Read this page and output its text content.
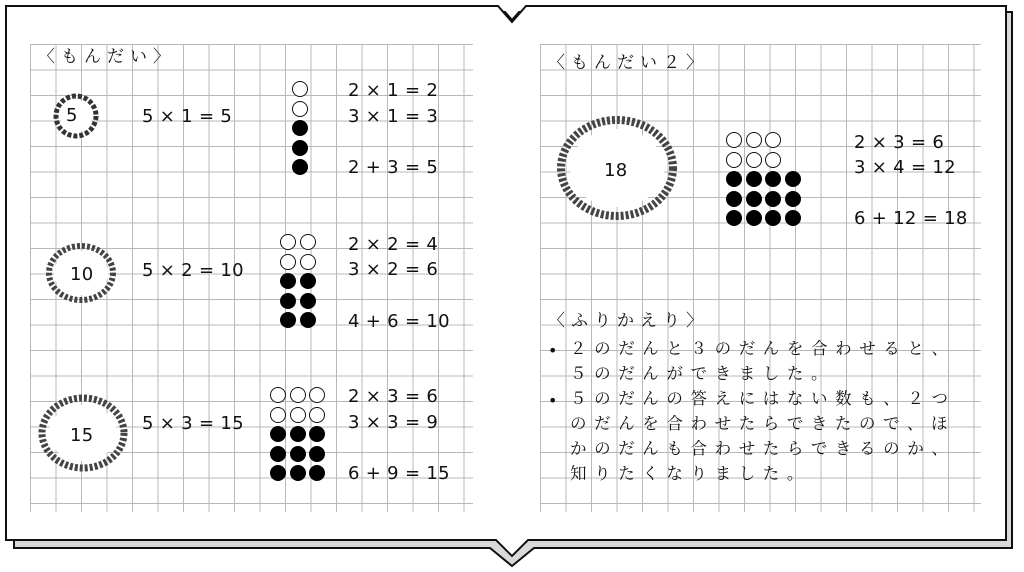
〈もんだい〉
5	5 × 1 = 5
2 × 1 = 2
3 × 1 = 3
2 + 3 = 5
10	5 × 2 = 10
2 × 2 = 4
3 × 2 = 6
4 + 6 = 10
15
5 × 3 = 15
2 × 3 = 6
3 × 3 = 9
6 + 9 = 15
〈もんだい２〉
18
2 × 3 = 6
3 × 4 = 12
6 + 12 = 18
〈ふりかえり〉
• ２のだんと３のだんを合わせると、
５のだんができました。
• ５のだんの答えにはない数も、２つ
のだんを合わせたらできたので、ほ
かのだんも合わせたらできるのか、
知りたくなりました。
